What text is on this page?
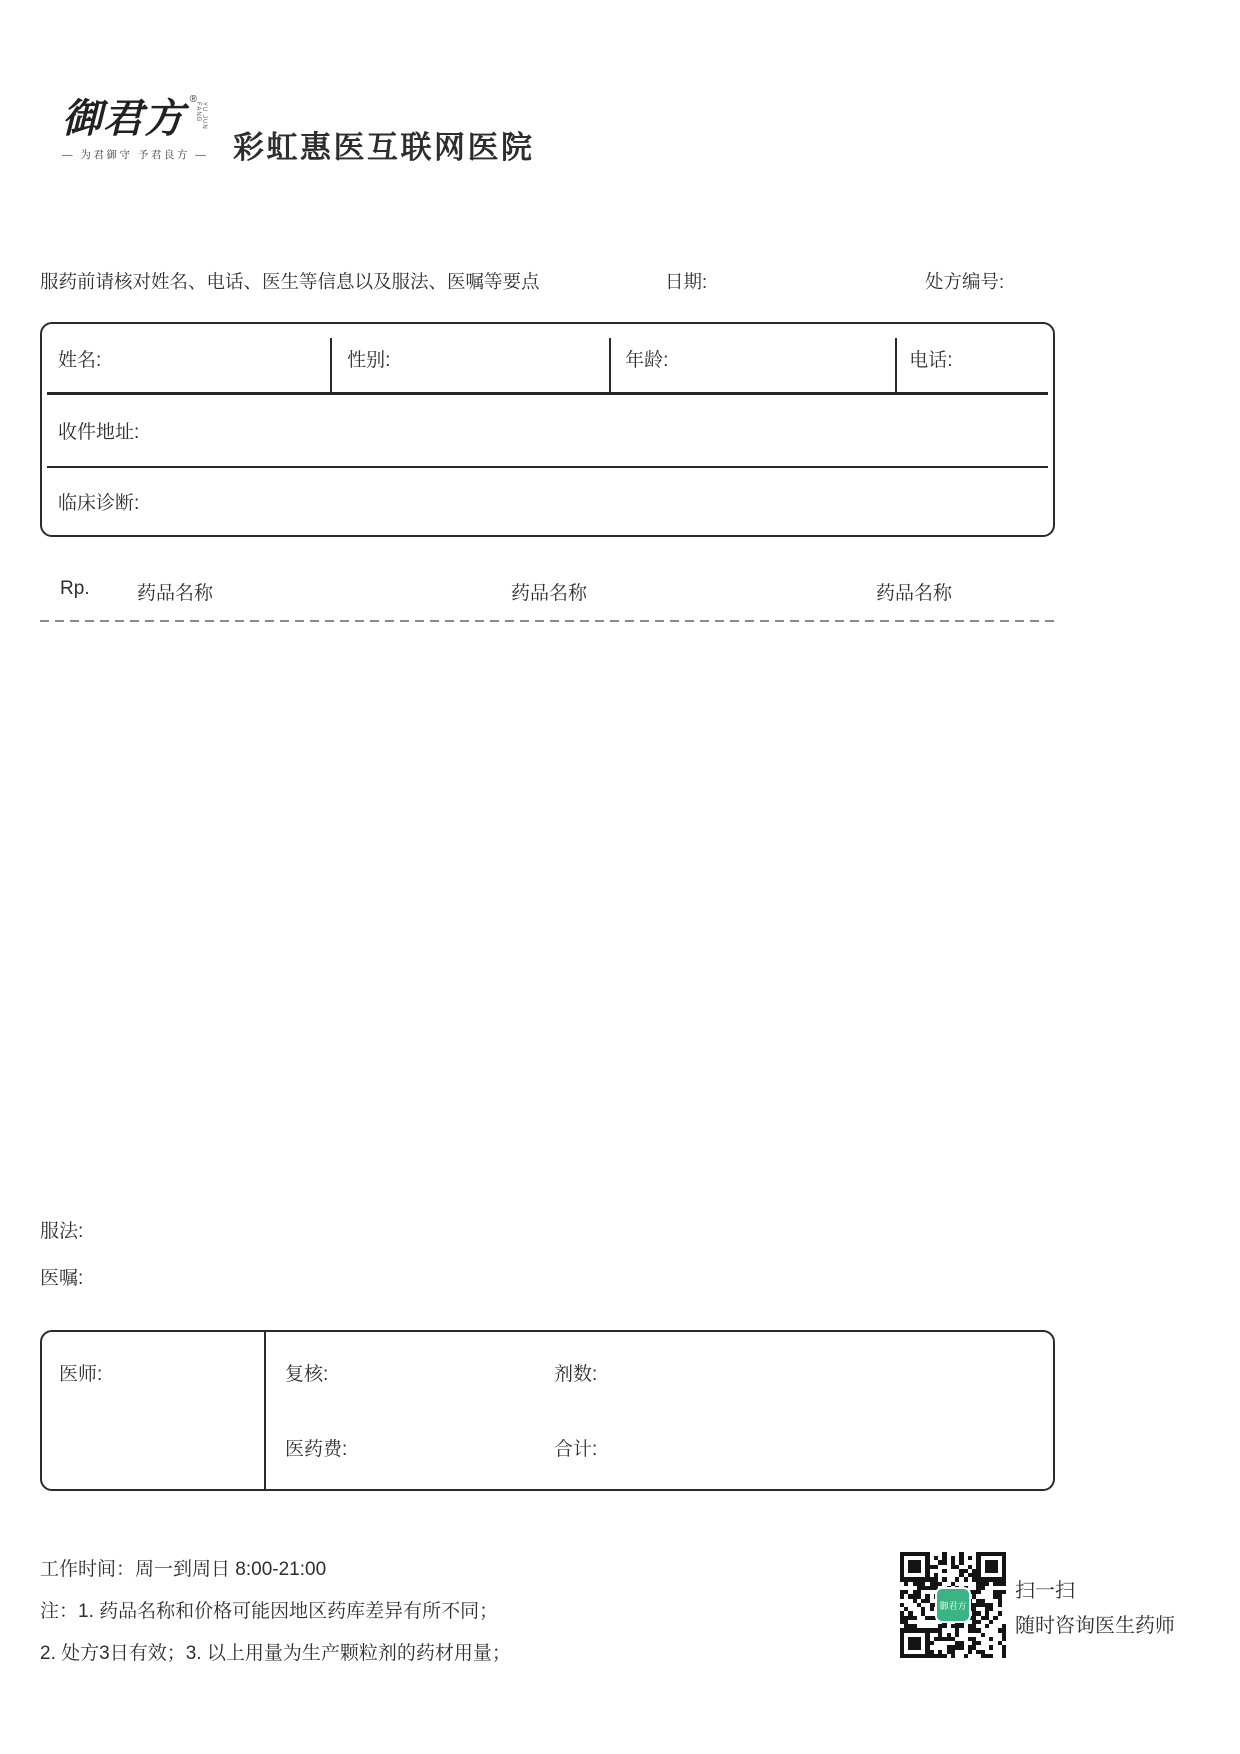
御君方 ®
YU JUN FANG
— 为君御守 予君良方 — 彩虹惠医互联网医院
服药前请核对姓名、电话、医生等信息以及服法、医嘱等要点	日期:	处方编号:
姓名:	性别:	年龄:	电话:
收件地址:
临床诊断:
Rp. 药品名称	药品名称	药品名称
服法:
医嘱:
医师:	复核:	剂数:
医药费:	合计:
工作时间：周一到周日 8:00-21:00
注：1. 药品名称和价格可能因地区药库差异有所不同；
2. 处方3日有效；3. 以上用量为生产颗粒剂的药材用量；
御君方
扫一扫
随时咨询医生药师
